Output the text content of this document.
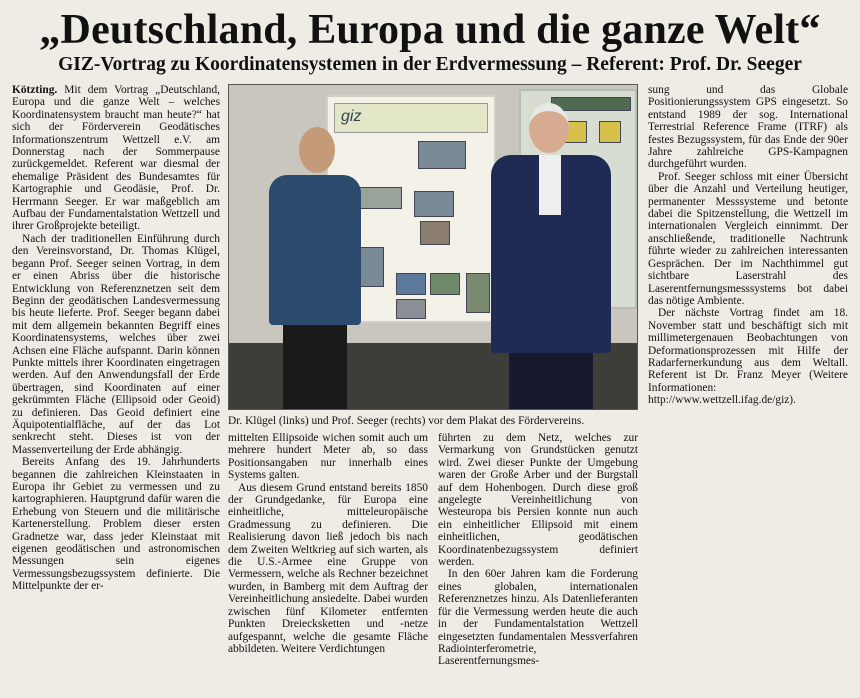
„Deutschland, Europa und die ganze Welt“
GIZ-Vortrag zu Koordinatensystemen in der Erdvermessung – Referent: Prof. Dr. Seeger

Kötzting. Mit dem Vortrag „Deutschland, Europa und die ganze Welt – welches Koordinatensystem braucht man heute?“ hat sich der Förderverein Geodätisches Informationszentrum Wettzell e.V. am Donnerstag nach der Sommerpause zurückgemeldet. Referent war diesmal der ehemalige Präsident des Bundesamtes für Kartographie und Geodäsie, Prof. Dr. Herrmann Seeger. Er war maßgeblich am Aufbau der Fundamentalstation Wettzell und ihrer Großprojekte beteiligt.

Nach der traditionellen Einführung durch den Vereinsvorstand, Dr. Thomas Klügel, begann Prof. Seeger seinen Vortrag, in dem er einen Abriss über die historische Entwicklung von Referenznetzen seit dem Beginn der geodätischen Landesvermessung bis heute lieferte. Prof. Seeger begann dabei mit dem allgemein bekannten Begriff eines Koordinatensystems, welches über zwei Achsen eine Fläche aufspannt. Darin können Punkte mittels ihrer Koordinaten eingetragen werden. Auf den Anwendungsfall der Erde übertragen, sind Koordinaten auf einer gekrümmten Fläche (Ellipsoid oder Geoid) zu definieren. Das Geoid definiert eine Äquipotentialfläche, auf der das Lot senkrecht steht. Dieses ist von der Massenverteilung der Erde abhängig.

Bereits Anfang des 19. Jahrhunderts begannen die zahlreichen Kleinstaaten in Europa ihr Gebiet zu vermessen und zu kartographieren. Hauptgrund dafür waren die Erhebung von Steuern und die militärische Kartenerstellung. Problem dieser ersten Gradnetze war, dass jeder Kleinstaat mit eigenen geodätischen und astronomischen Messungen sein eigenes Vermessungsbezugssystem definierte. Die Mittelpunkte der er-

giz
Dr. Klügel (links) und Prof. Seeger (rechts) vor dem Plakat des Fördervereins.

mittelten Ellipsoide wichen somit auch um mehrere hundert Meter ab, so dass Positionsangaben nur innerhalb eines Systems galten.

Aus diesem Grund entstand bereits 1850 der Grundgedanke, für Europa eine einheitliche, mitteleuropäische Gradmessung zu definieren. Die Realisierung davon ließ jedoch bis nach dem Zweiten Weltkrieg auf sich warten, als die U.S.-Armee eine Gruppe von Vermessern, welche als Rechner bezeichnet wurden, in Bamberg mit dem Auftrag der Vereinheitlichung ansiedelte. Dabei wurden zwischen fünf Kilometer entfernten Punkten Dreiecksketten und -netze aufgespannt, welche die gesamte Fläche abbildeten. Weitere Verdichtungen

führten zu dem Netz, welches zur Vermarkung von Grundstücken genutzt wird. Zwei dieser Punkte der Umgebung waren der Große Arber und der Burgstall auf dem Hohenbogen. Durch diese groß angelegte Vereinheitlichung von Westeuropa bis Persien konnte nun auch ein einheitlicher Ellipsoid mit einem einheitlichen, geodätischen Koordinatenbezugssystem definiert werden.

In den 60er Jahren kam die Forderung eines globalen, internationalen Referenznetzes hinzu. Als Datenlieferanten für die Vermessung werden heute die auch in der Fundamentalstation Wettzell eingesetzten fundamentalen Messverfahren Radiointerferometrie, Laserentfernungsmes-

sung und das Globale Positionierungssystem GPS eingesetzt. So entstand 1989 der sog. International Terrestrial Reference Frame (ITRF) als festes Bezugssystem, für das Ende der 90er Jahre zahlreiche GPS-Kampagnen durchgeführt wurden.

Prof. Seeger schloss mit einer Übersicht über die Anzahl und Verteilung heutiger, permanenter Messsysteme und betonte dabei die Spitzenstellung, die Wettzell im internationalen Vergleich einnimmt. Der anschließende, traditionelle Nachtrunk führte wieder zu zahlreichen interessanten Gesprächen. Der im Nachthimmel gut sichtbare Laserstrahl des Laserentfernungsmesssystems bot dabei das nötige Ambiente.

Der nächste Vortrag findet am 18. November statt und beschäftigt sich mit millimetergenauen Beobachtungen von Deformationsprozessen mit Hilfe der Radarfernerkundung aus dem Weltall. Referent ist Dr. Franz Meyer (Weitere Informationen: http://www.wettzell.ifag.de/giz).
